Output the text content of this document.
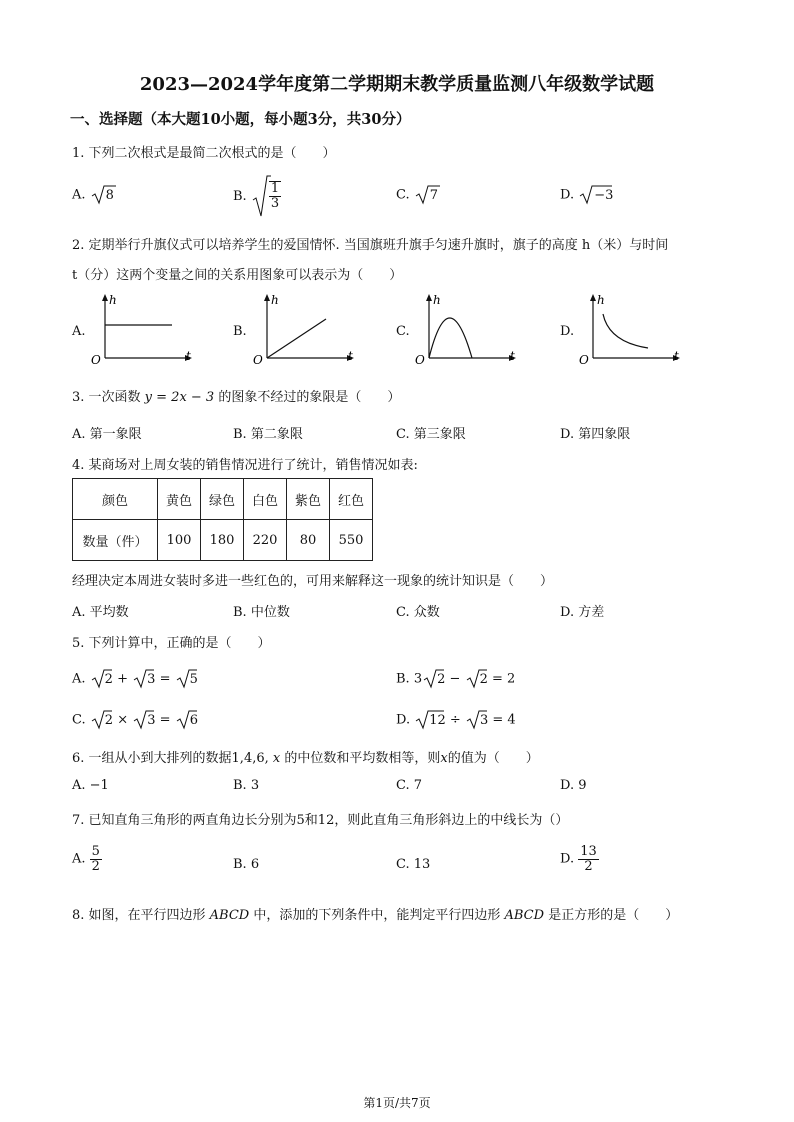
2023—2024学年度第二学期期末教学质量监测八年级数学试题
一、选择题（本大题10小题，每小题3分，共30分）
1. 下列二次根式是最简二次根式的是（　　）
A. 8	B. $\frac{1}{3}$	C. 7	D. −3
2. 定期举行升旗仪式可以培养学生的爱国情怀. 当国旗班升旗手匀速升旗时，旗子的高度 h（米）与时间
t（分）这两个变量之间的关系用图象可以表示为（　　）
A.
h
t
O
B.
h
t
O
C.
h
t
O
D.
h
t
O
3. 一次函数 y = 2x − 3 的图象不经过的象限是（　　）
A. 第一象限	B. 第二象限	C. 第三象限	D. 第四象限
4. 某商场对上周女装的销售情况进行了统计，销售情况如表:
颜色	黄色	绿色	白色	紫色	红色
数量（件）	100	180	220	80	550
经理决定本周进女装时多进一些红色的，可用来解释这一现象的统计知识是（　　）
A. 平均数	B. 中位数	C. 众数	D. 方差
5. 下列计算中，正确的是（　　）
A. 2 + 3 = 5	B. 3 2 − 2 = 2
C. 2 × 3 = 6	D. 12 ÷ 3 = 4
6. 一组从小到大排列的数据1,4,6, x 的中位数和平均数相等，则x的值为（　　）
A. −1	B. 3	C. 7	D. 9
7. 已知直角三角形的两直角边长分别为5和12，则此直角三角形斜边上的中线长为（）
A. $\frac{5}{2}$	B. 6	C. 13	D. $\frac{13}{2}$
8. 如图，在平行四边形 ABCD 中，添加的下列条件中，能判定平行四边形 ABCD 是正方形的是（　　）
第1页/共7页
